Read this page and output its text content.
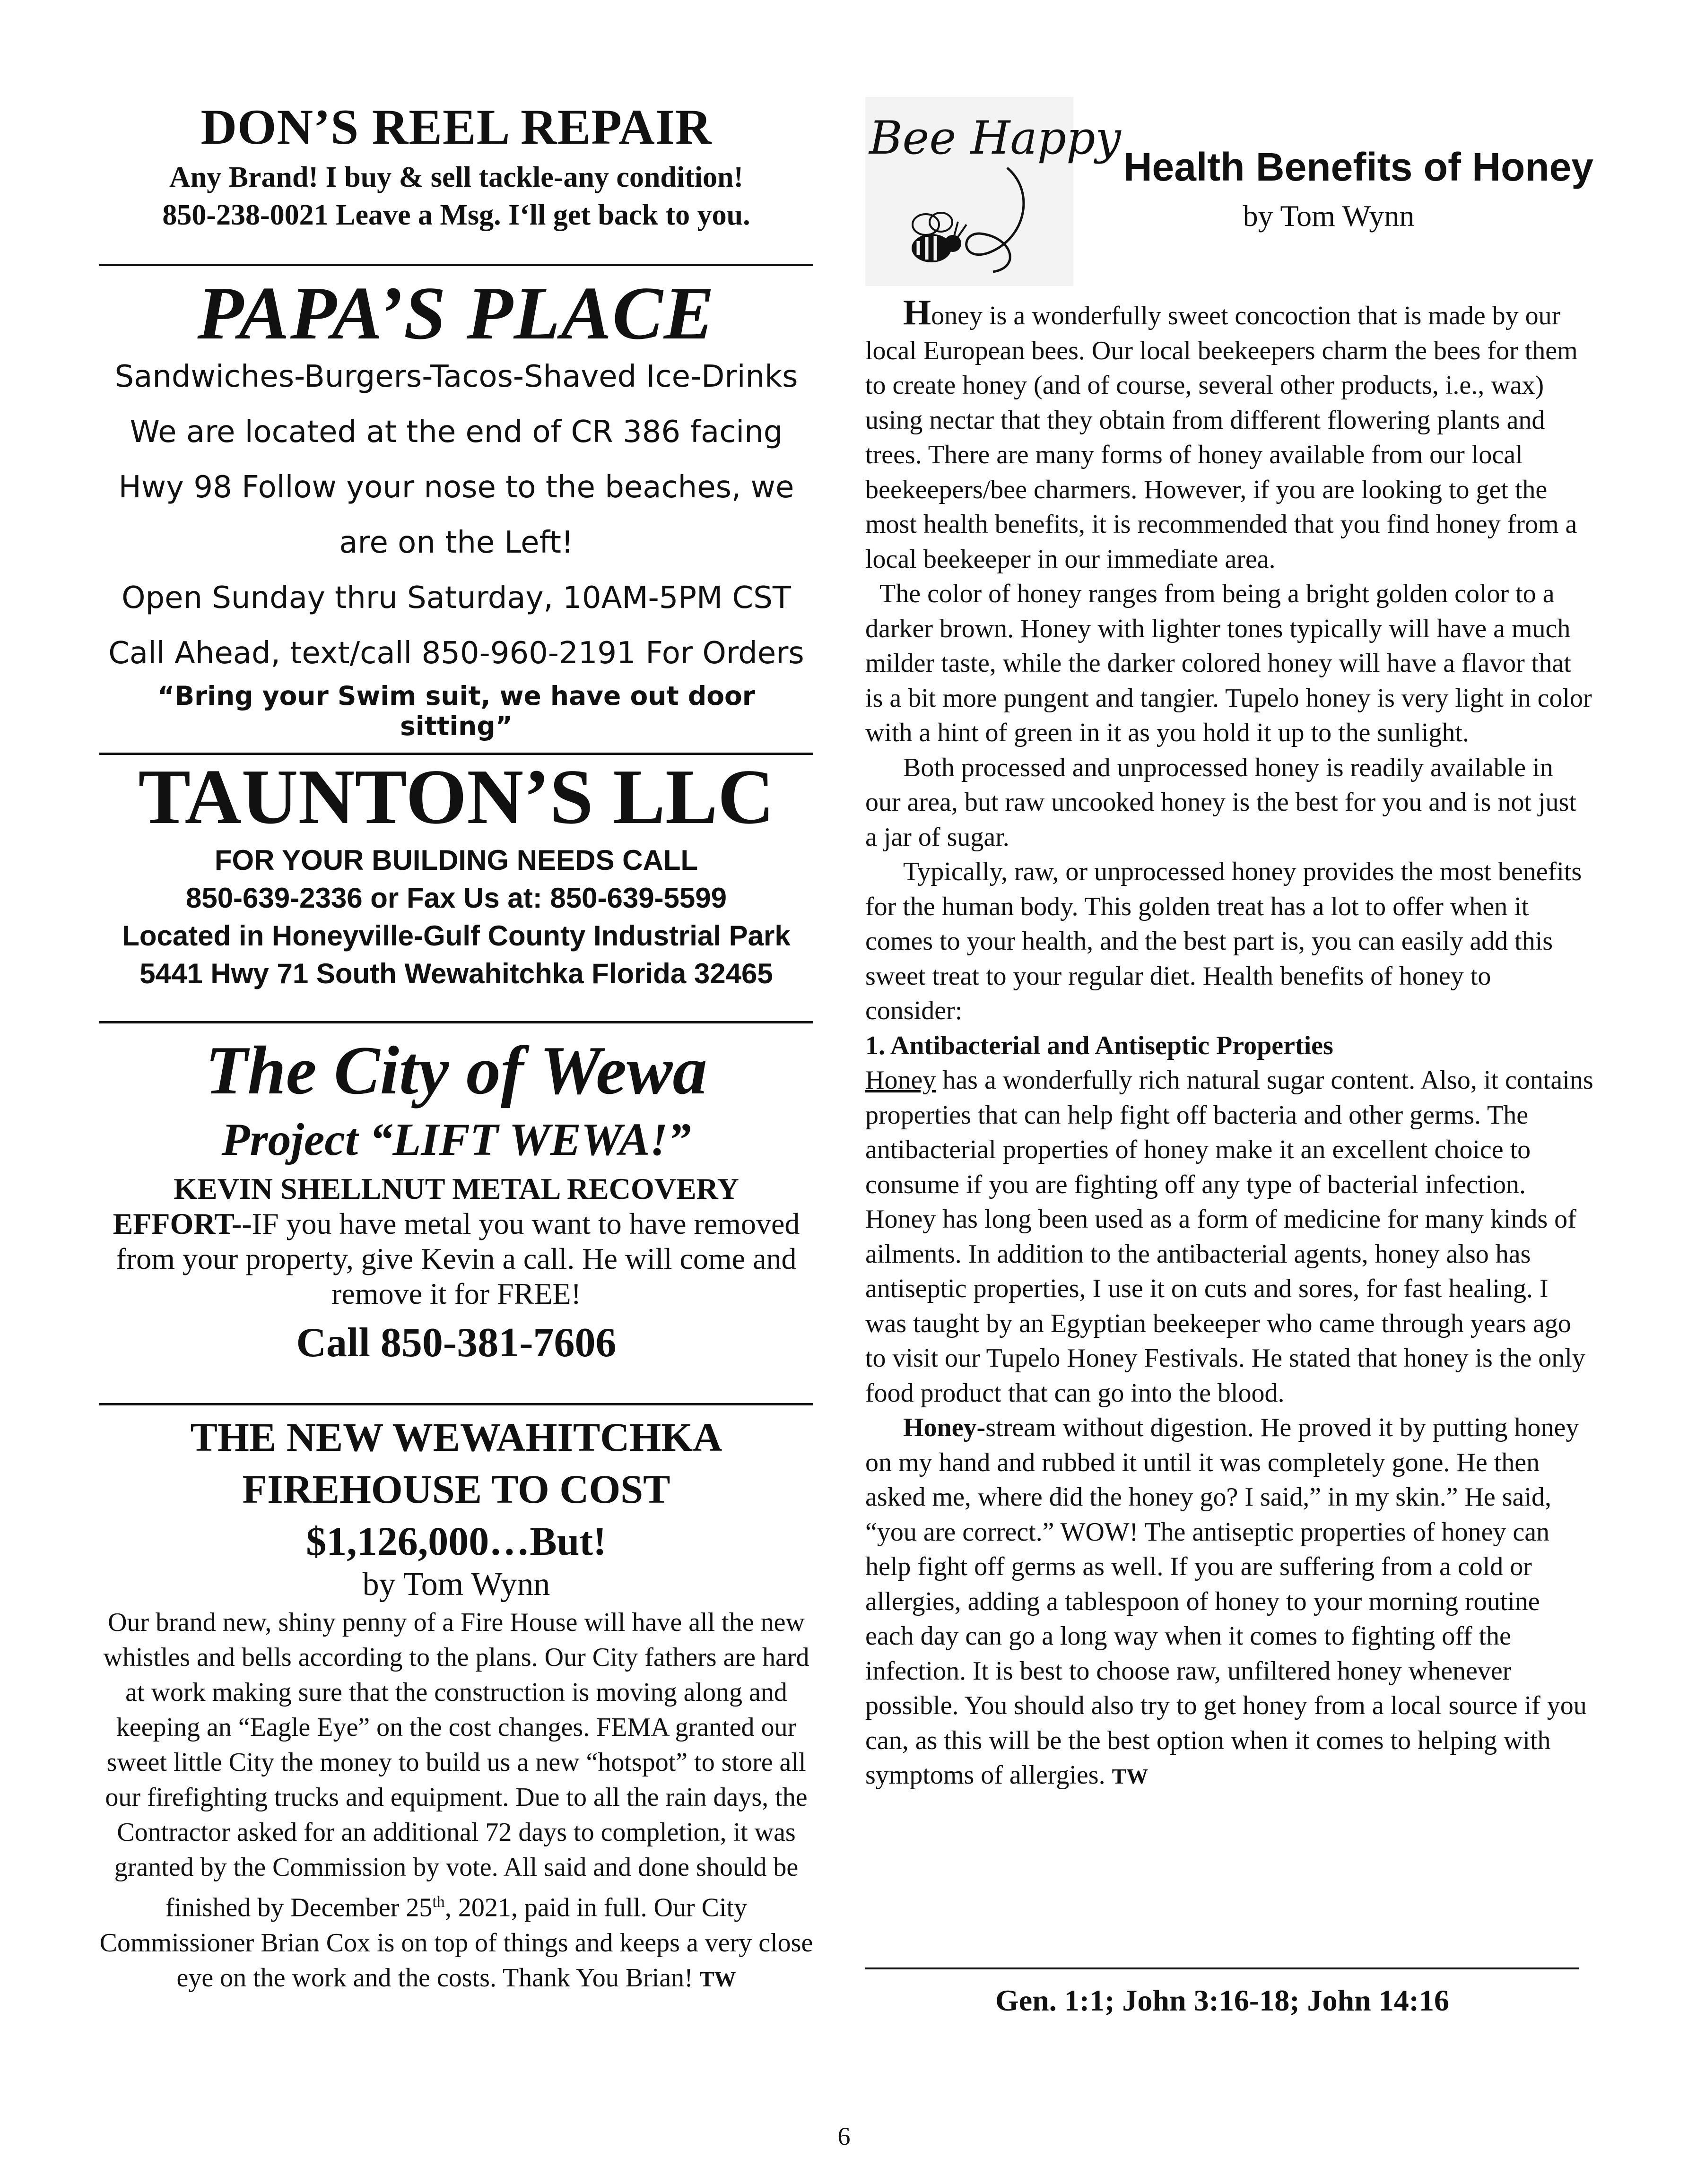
DON’S REEL REPAIR
Any Brand! I buy & sell tackle-any condition!
850-238-0021 Leave a Msg. I‘ll get back to you.
PAPA’S PLACE
Sandwiches-Burgers-Tacos-Shaved Ice-Drinks
We are located at the end of CR 386 facing
Hwy 98 Follow your nose to the beaches, we
are on the Left!
Open Sunday thru Saturday, 10AM-5PM CST
Call Ahead, text/call 850-960-2191 For Orders
“Bring your Swim suit, we have out door sitting”
TAUNTON’S LLC
FOR YOUR BUILDING NEEDS CALL
850-639-2336 or Fax Us at: 850-639-5599
Located in Honeyville-Gulf County Industrial Park
5441 Hwy 71 South Wewahitchka Florida 32465
The City of Wewa
Project “LIFT WEWA!”
KEVIN SHELLNUT METAL RECOVERY EFFORT--IF you have metal you want to have removed from your property, give Kevin a call. He will come and remove it for FREE!
Call 850-381-7606
THE NEW WEWAHITCHKA
FIREHOUSE TO COST
$1,126,000…But!
by Tom Wynn
Our brand new, shiny penny of a Fire House will have all the new whistles and bells according to the plans. Our City fathers are hard at work making sure that the construction is moving along and keeping an “Eagle Eye” on the cost changes. FEMA granted our sweet little City the money to build us a new “hotspot” to store all our firefighting trucks and equipment. Due to all the rain days, the Contractor asked for an additional 72 days to completion, it was granted by the Commission by vote. All said and done should be finished by December 25th, 2021, paid in full. Our City Commissioner Brian Cox is on top of things and keeps a very close eye on the work and the costs. Thank You Brian! TW
Bee Happy
Health Benefits of Honey
by Tom Wynn

Honey is a wonderfully sweet concoction that is made by our local European bees. Our local beekeepers charm the bees for them to create honey (and of course, several other products, i.e., wax) using nectar that they obtain from different flowering plants and trees. There are many forms of honey available from our local beekeepers/bee charmers. However, if you are looking to get the most health benefits, it is recommended that you find honey from a local beekeeper in our immediate area.

The color of honey ranges from being a bright golden color to a darker brown. Honey with lighter tones typically will have a much milder taste, while the darker colored honey will have a flavor that is a bit more pungent and tangier. Tupelo honey is very light in color with a hint of green in it as you hold it up to the sunlight.

Both processed and unprocessed honey is readily available in our area, but raw uncooked honey is the best for you and is not just a jar of sugar.

Typically, raw, or unprocessed honey provides the most benefits for the human body. This golden treat has a lot to offer when it comes to your health, and the best part is, you can easily add this sweet treat to your regular diet. Health benefits of honey to consider:

1. Antibacterial and Antiseptic Properties

Honey has a wonderfully rich natural sugar content. Also, it contains properties that can help fight off bacteria and other germs. The antibacterial properties of honey make it an excellent choice to consume if you are fighting off any type of bacterial infection. Honey has long been used as a form of medicine for many kinds of ailments. In addition to the antibacterial agents, honey also has antiseptic properties, I use it on cuts and sores, for fast healing. I was taught by an Egyptian beekeeper who came through years ago to visit our Tupelo Honey Festivals. He stated that honey is the only food product that can go into the blood.

Honey-stream without digestion. He proved it by putting honey on my hand and rubbed it until it was completely gone. He then asked me, where did the honey go? I said,” in my skin.” He said, “you are correct.” WOW! The antiseptic properties of honey can help fight off germs as well. If you are suffering from a cold or allergies, adding a tablespoon of honey to your morning routine each day can go a long way when it comes to fighting off the infection. It is best to choose raw, unfiltered honey whenever possible. You should also try to get honey from a local source if you can, as this will be the best option when it comes to helping with symptoms of allergies. TW

Gen. 1:1; John 3:16-18; John 14:16
6
